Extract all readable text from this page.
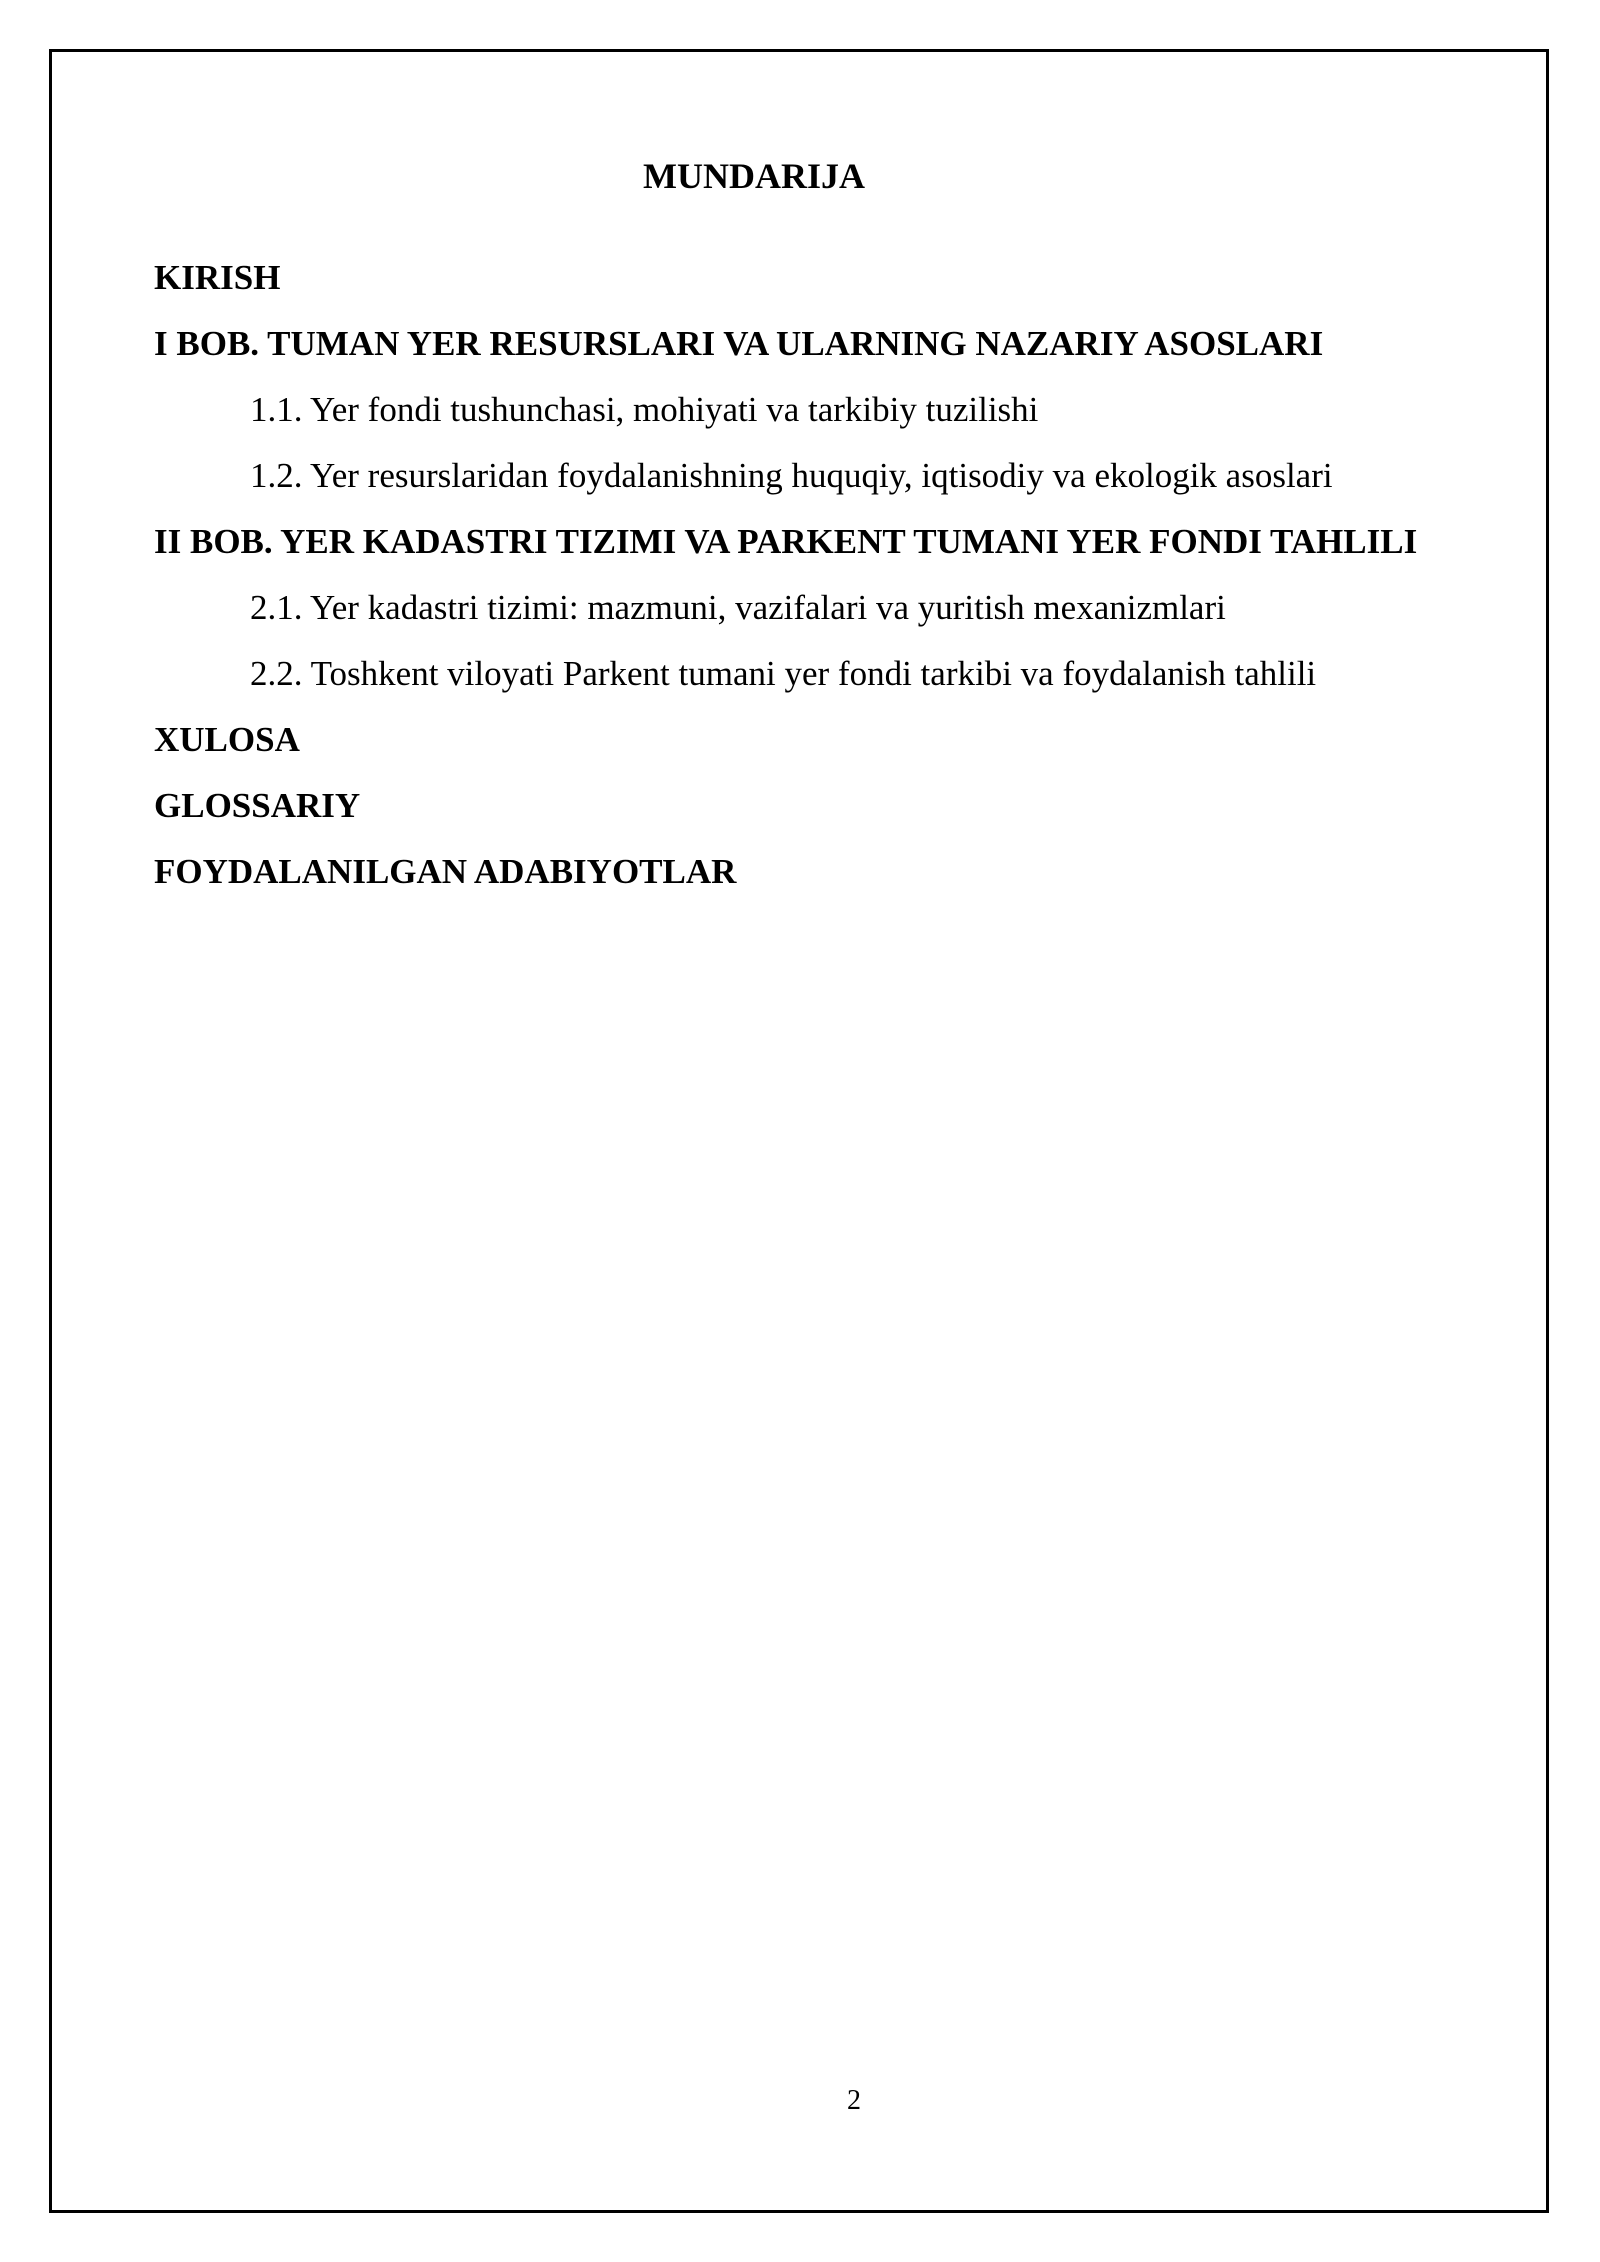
MUNDARIJA
KIRISH
I BOB. TUMAN YER RESURSLARI VA ULARNING NAZARIY ASOSLARI
1.1. Yer fondi tushunchasi, mohiyati va tarkibiy tuzilishi
1.2. Yer resurslaridan foydalanishning huquqiy, iqtisodiy va ekologik asoslari
II BOB. YER KADASTRI TIZIMI VA PARKENT TUMANI YER FONDI TAHLILI
2.1. Yer kadastri tizimi: mazmuni, vazifalari va yuritish mexanizmlari
2.2. Toshkent viloyati Parkent tumani yer fondi tarkibi va foydalanish tahlili
XULOSA
GLOSSARIY
FOYDALANILGAN ADABIYOTLAR
2
